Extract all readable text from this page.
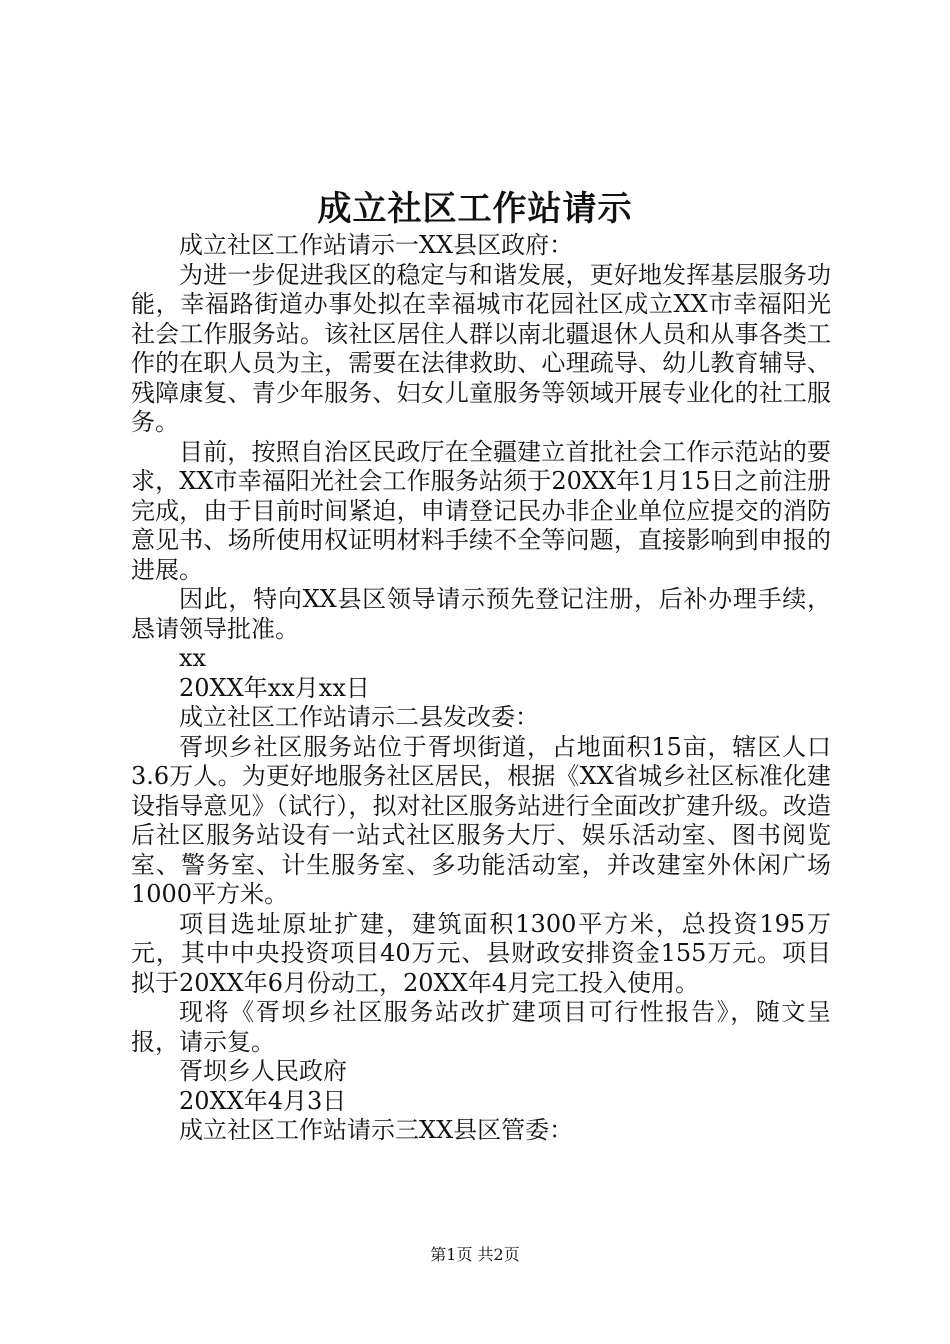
成立社区工作站请示

成立社区工作站请示一XX县区政府：

为进一步促进我区的稳定与和谐发展，更好地发挥基层服务功能，幸福路街道办事处拟在幸福城市花园社区成立XX市幸福阳光社会工作服务站。该社区居住人群以南北疆退休人员和从事各类工作的在职人员为主，需要在法律救助、心理疏导、幼儿教育辅导、残障康复、青少年服务、妇女儿童服务等领域开展专业化的社工服务。

目前，按照自治区民政厅在全疆建立首批社会工作示范站的要求，XX市幸福阳光社会工作服务站须于20XX年1月15日之前注册完成，由于目前时间紧迫，申请登记民办非企业单位应提交的消防意见书、场所使用权证明材料手续不全等问题，直接影响到申报的进展。

因此，特向XX县区领导请示预先登记注册，后补办理手续，恳请领导批准。

xx

20XX年xx月xx日

成立社区工作站请示二县发改委：

胥坝乡社区服务站位于胥坝街道，占地面积15亩，辖区人口3.6万人。为更好地服务社区居民，根据《XX省城乡社区标准化建设指导意见》（试行），拟对社区服务站进行全面改扩建升级。改造后社区服务站设有一站式社区服务大厅、娱乐活动室、图书阅览室、警务室、计生服务室、多功能活动室，并改建室外休闲广场1000平方米。

项目选址原址扩建，建筑面积1300平方米，总投资195万元，其中中央投资项目40万元、县财政安排资金155万元。项目拟于20XX年6月份动工，20XX年4月完工投入使用。

现将《胥坝乡社区服务站改扩建项目可行性报告》，随文呈报，请示复。

胥坝乡人民政府

20XX年4月3日

成立社区工作站请示三XX县区管委：

第1页 共2页
